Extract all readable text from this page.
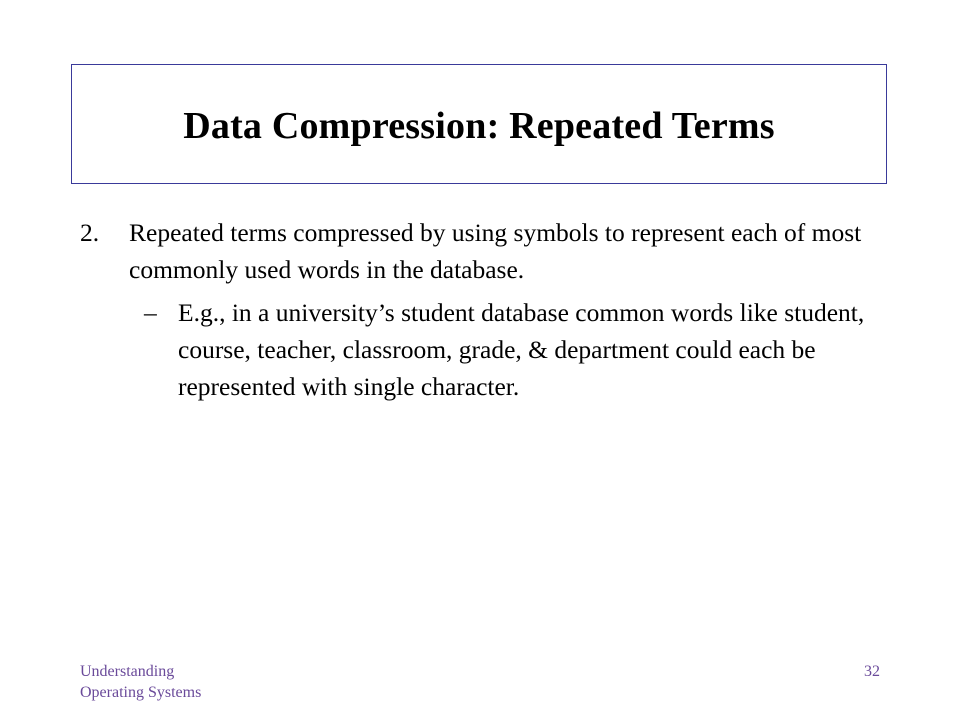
Data Compression: Repeated Terms
2. Repeated terms compressed by using symbols to represent each of most commonly used words in the database.
– E.g., in a university’s student database common words like student, course, teacher, classroom, grade, & department could each be represented with single character.
Understanding
Operating Systems
32
